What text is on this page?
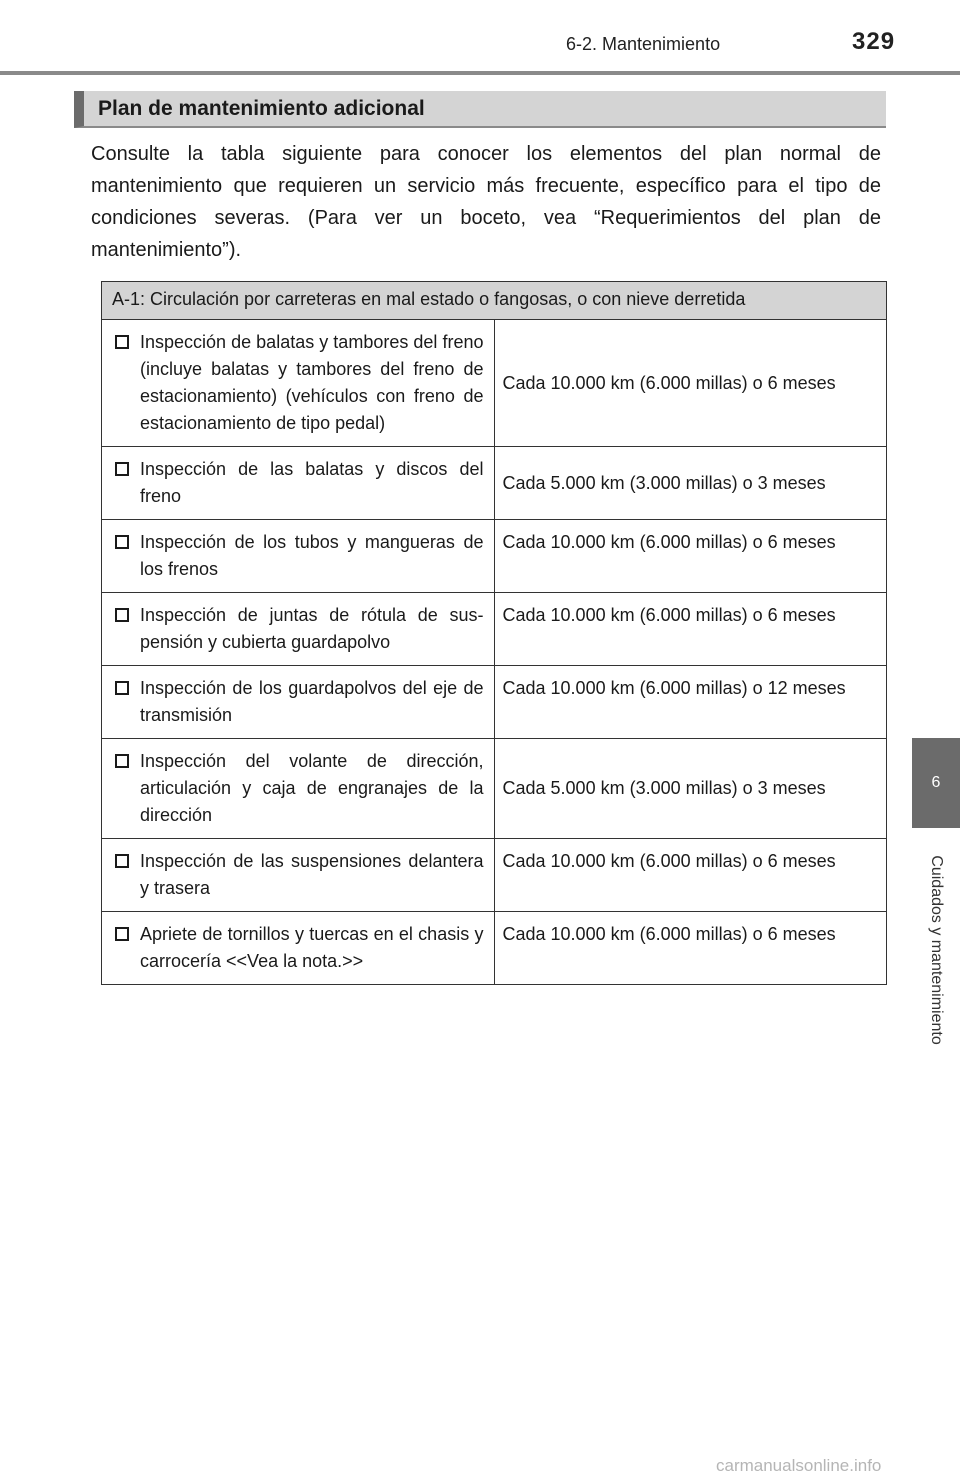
6-2. Mantenimiento	329
6
Cuidados y mantenimiento
Plan de mantenimiento adicional

Consulte la tabla siguiente para conocer los elementos del plan normal de mantenimiento que requieren un servicio más frecuente, específico para el tipo de condiciones severas. (Para ver un boceto, vea “Requerimientos del plan de mantenimiento”).

A-1: Circulación por carreteras en mal estado o fangosas, o con nieve derretida	

Inspección de balatas y tambores del freno (incluye balatas y tambores del freno de estacionamiento) (vehículos con freno de estacionamiento de tipo pedal)	Cada 10.000 km (6.000 millas) o 6 meses

Inspección de las balatas y discos del freno	Cada 5.000 km (3.000 millas) o 3 meses

Inspección de los tubos y mangueras de los frenos	Cada 10.000 km (6.000 millas) o 6 meses

Inspección de juntas de rótula de sus-pensión y cubierta guardapolvo	Cada 10.000 km (6.000 millas) o 6 meses

Inspección de los guardapolvos del eje de transmisión	Cada 10.000 km (6.000 millas) o 12 meses

Inspección del volante de dirección, articulación y caja de engranajes de la dirección	Cada 5.000 km (3.000 millas) o 3 meses

Inspección de las suspensiones delantera y trasera	Cada 10.000 km (6.000 millas) o 6 meses

Apriete de tornillos y tuercas en el chasis y carrocería <<Vea la nota.>>	Cada 10.000 km (6.000 millas) o 6 meses
carmanualsonline.info
